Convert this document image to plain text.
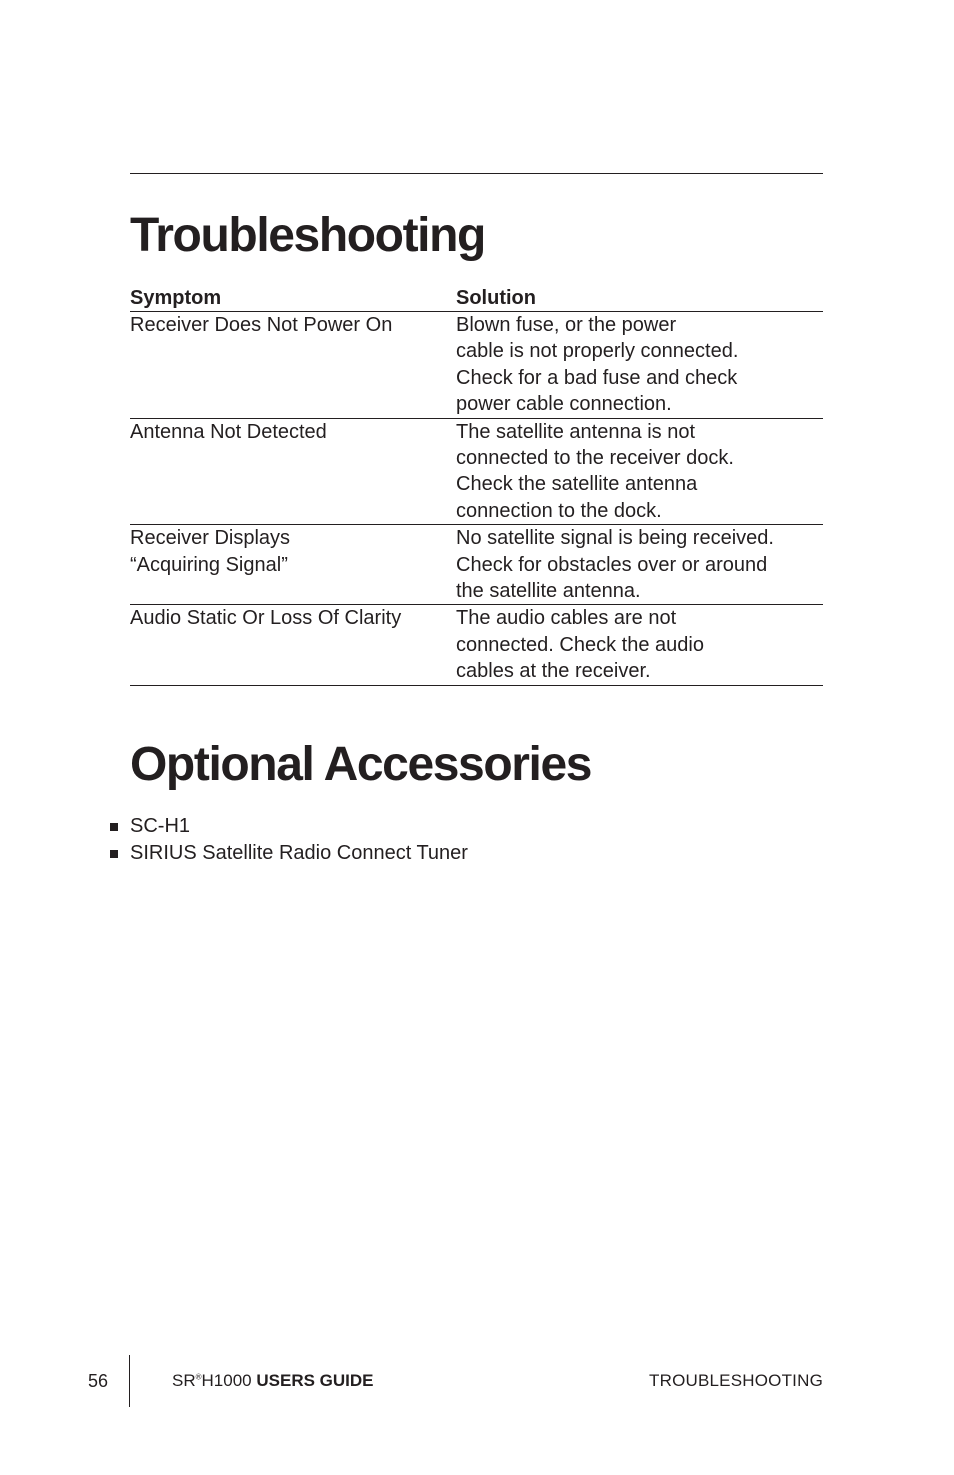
Troubleshooting
Symptom	Solution

Receiver Does Not Power On	Blown fuse, or the power
cable is not properly connected.
Check for a bad fuse and check
power cable connection.

Antenna Not Detected	The satellite antenna is not
connected to the receiver dock.
Check the satellite antenna
connection to the dock.

Receiver Displays
“Acquiring Signal”	No satellite signal is being received.
Check for obstacles over or around
the satellite antenna.

Audio Static Or Loss Of Clarity	The audio cables are not
connected. Check the audio
cables at the receiver.
Optional Accessories
SC-H1
SIRIUS Satellite Radio Connect Tuner
56	SR®H1000 USERS GUIDE	TROUBLESHOOTING
